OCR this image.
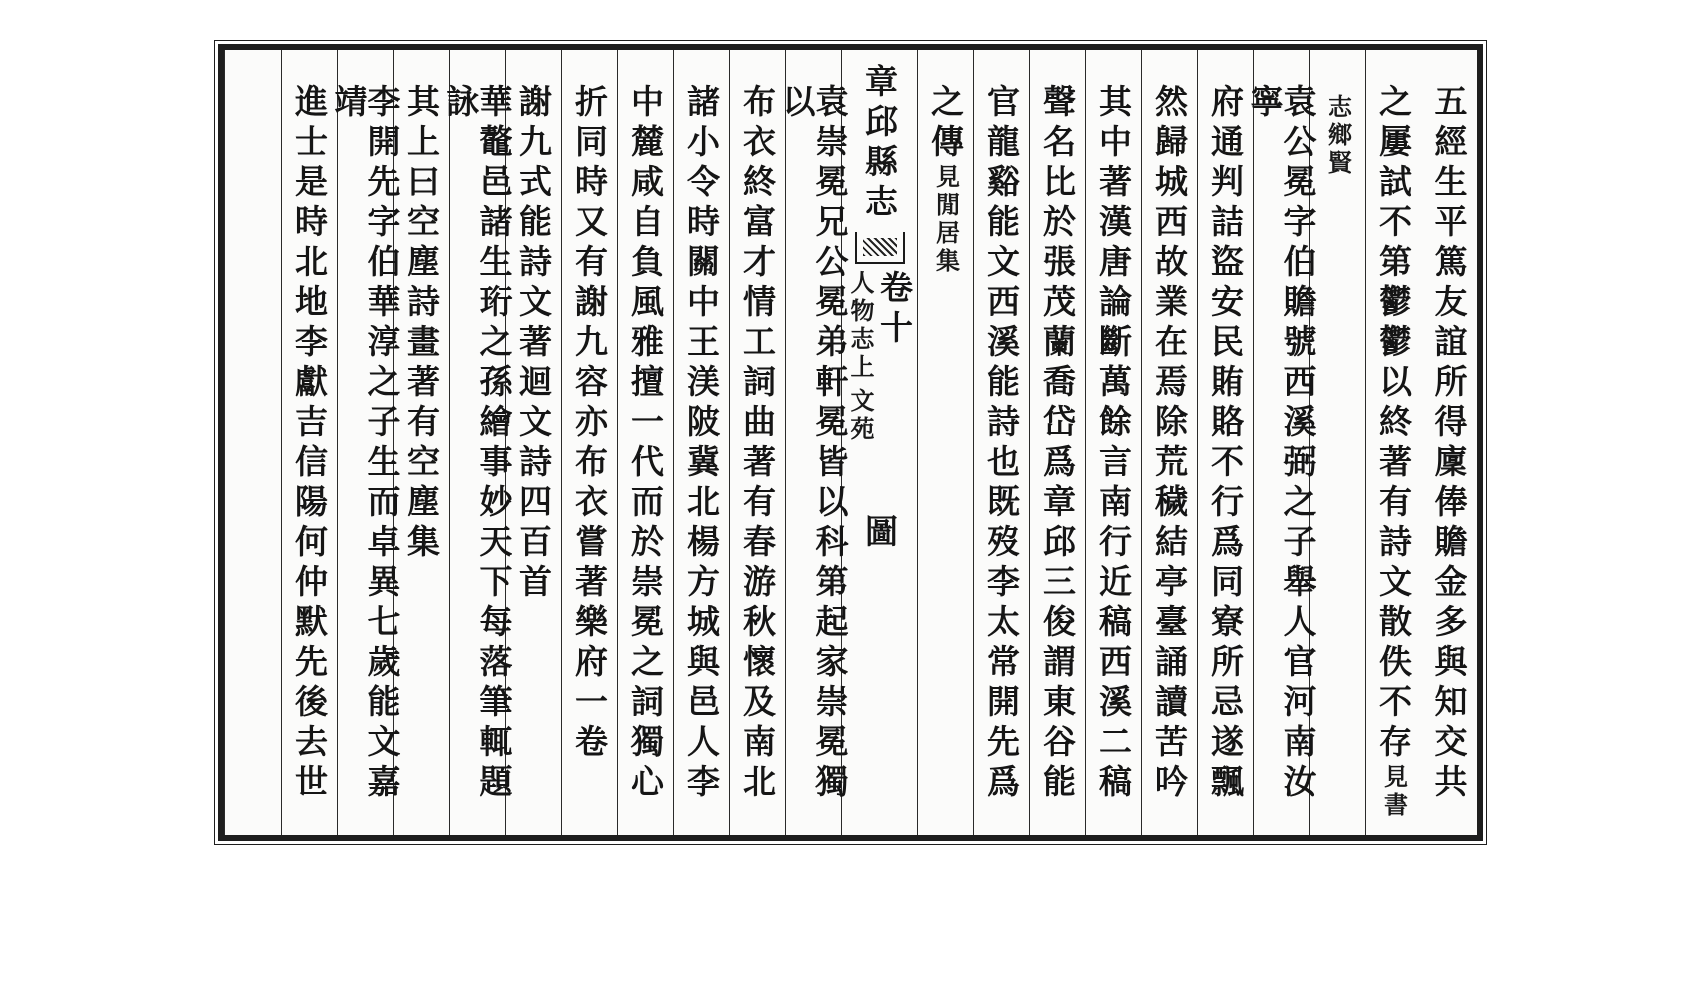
五經生平篤友誼所得廩俸贍金多與知交共
之屢試不第鬱鬱以終著有詩文散佚不存
見書
志鄉賢
袁公冕字伯贍號西溪弼之子舉人官河南汝寧
府通判詰盜安民賄賂不行爲同寮所忌遂飄
然歸城西故業在焉除荒穢結亭臺誦讀苦吟
其中著漢唐論斷萬餘言南行近稿西溪二稿
聲名比於張茂蘭喬岱爲章邱三俊謂東谷能
官龍谿能文西溪能詩也既歿李太常開先爲
之傳
見閒居集
章邱縣志
卷十
人物志上
文苑
圖
袁崇冕兄公冕弟軒冕皆以科第起家崇冕獨以
布衣終富才情工詞曲著有春游秋懷及南北
諸小令時關中王渼陂冀北楊方城與邑人李
中麓咸自負風雅擅一代而於崇冕之詞獨心
折同時又有謝九容亦布衣嘗著樂府一卷
謝九式能詩文著迴文詩四百首
華鼇邑諸生珩之孫繪事妙天下每落筆輒題詠
其上曰空塵詩畫著有空塵集
李開先字伯華淳之子生而卓異七歲能文嘉靖
進士是時北地李獻吉信陽何仲默先後去世
